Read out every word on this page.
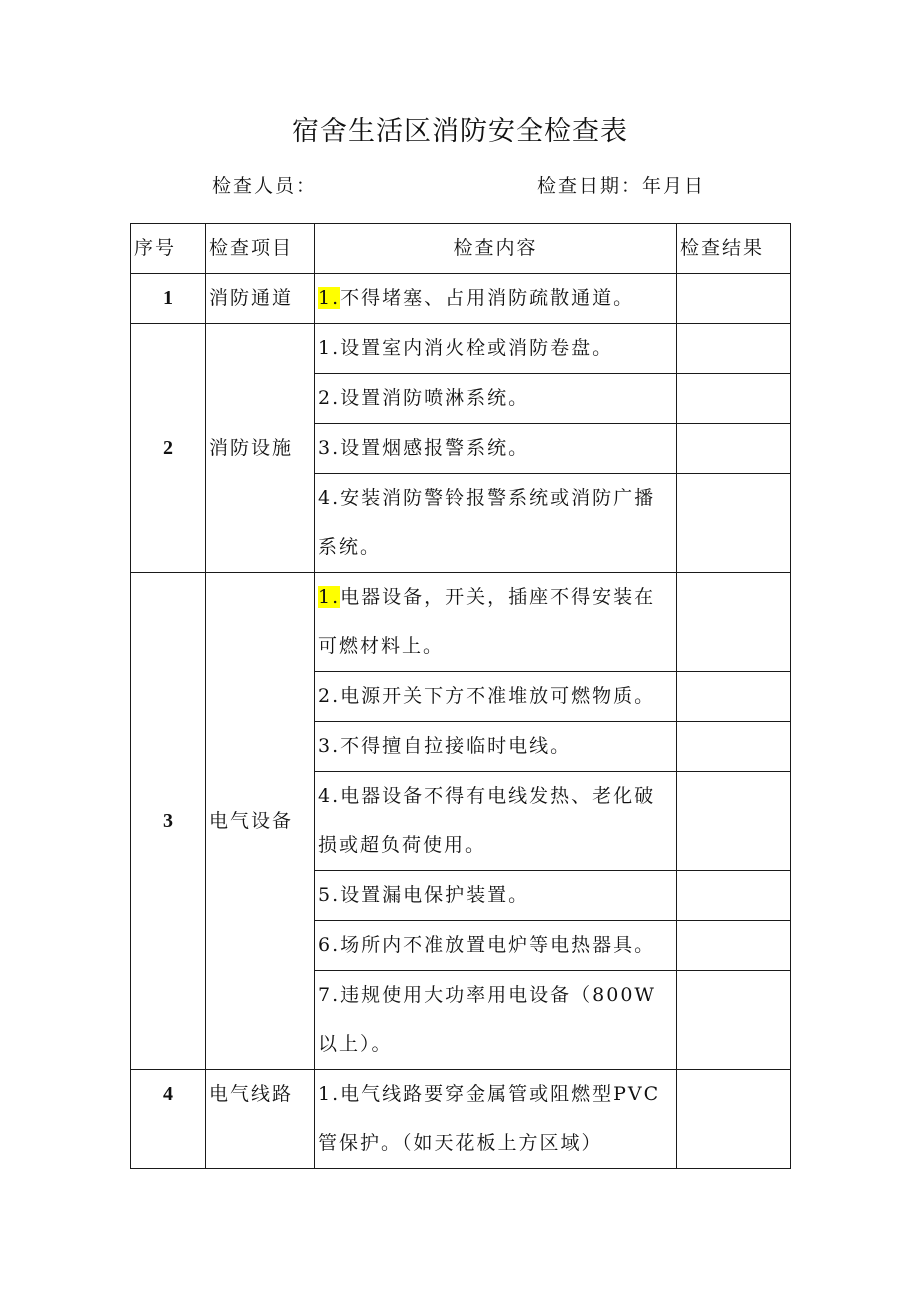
宿舍生活区消防安全检查表
检查人员：	检查日期：年月日
序号	检查项目	检查内容	检查结果
1	消防通道	1.不得堵塞、占用消防疏散通道。	
2	消防设施	1.设置室内消火栓或消防卷盘。	
		2.设置消防喷淋系统。	
		3.设置烟感报警系统。	
		4.安装消防警铃报警系统或消防广播系统。	
3	电气设备	1.电器设备，开关，插座不得安装在可燃材料上。	
		2.电源开关下方不准堆放可燃物质。	
		3.不得擅自拉接临时电线。	
		4.电器设备不得有电线发热、老化破损或超负荷使用。	
		5.设置漏电保护装置。	
		6.场所内不准放置电炉等电热器具。	
		7.违规使用大功率用电设备（800W以上）。	
4	电气线路	1.电气线路要穿金属管或阻燃型PVC管保护。（如天花板上方区域）	
